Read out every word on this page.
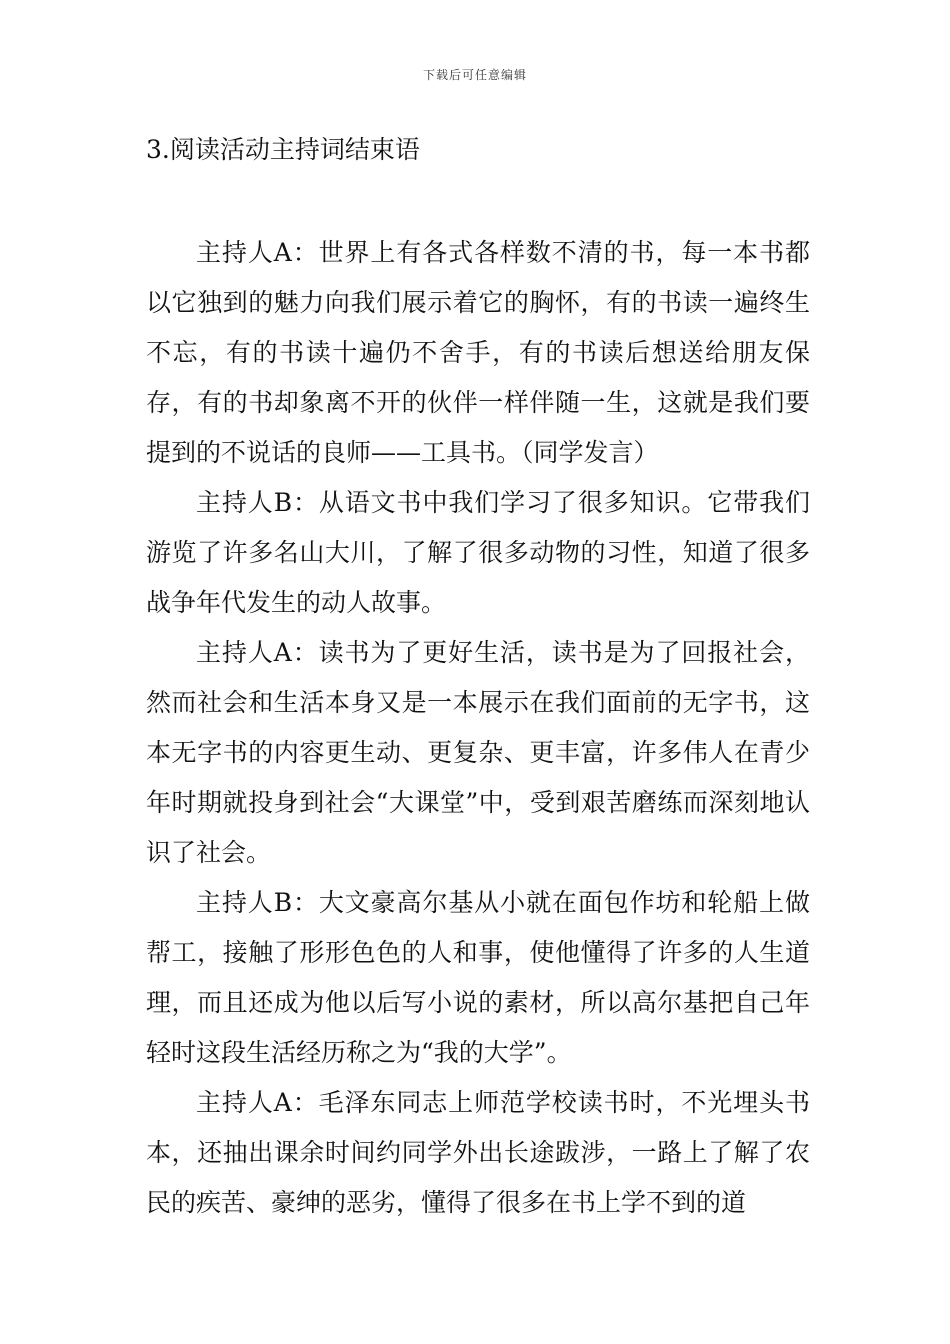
下载后可任意编辑
3.阅读活动主持词结束语

主持人A：世界上有各式各样数不清的书，每一本书都以它独到的魅力向我们展示着它的胸怀，有的书读一遍终生不忘，有的书读十遍仍不舍手，有的书读后想送给朋友保存，有的书却象离不开的伙伴一样伴随一生，这就是我们要提到的不说话的良师——工具书。（同学发言）

主持人B：从语文书中我们学习了很多知识。它带我们游览了许多名山大川，了解了很多动物的习性，知道了很多战争年代发生的动人故事。

主持人A：读书为了更好生活，读书是为了回报社会，然而社会和生活本身又是一本展示在我们面前的无字书，这本无字书的内容更生动、更复杂、更丰富，许多伟人在青少年时期就投身到社会“大课堂”中，受到艰苦磨练而深刻地认识了社会。

主持人B：大文豪高尔基从小就在面包作坊和轮船上做帮工，接触了形形色色的人和事，使他懂得了许多的人生道理，而且还成为他以后写小说的素材，所以高尔基把自己年轻时这段生活经历称之为“我的大学”。

主持人A：毛泽东同志上师范学校读书时，不光埋头书本，还抽出课余时间约同学外出长途跋涉，一路上了解了农民的疾苦、豪绅的恶劣，懂得了很多在书上学不到的道
